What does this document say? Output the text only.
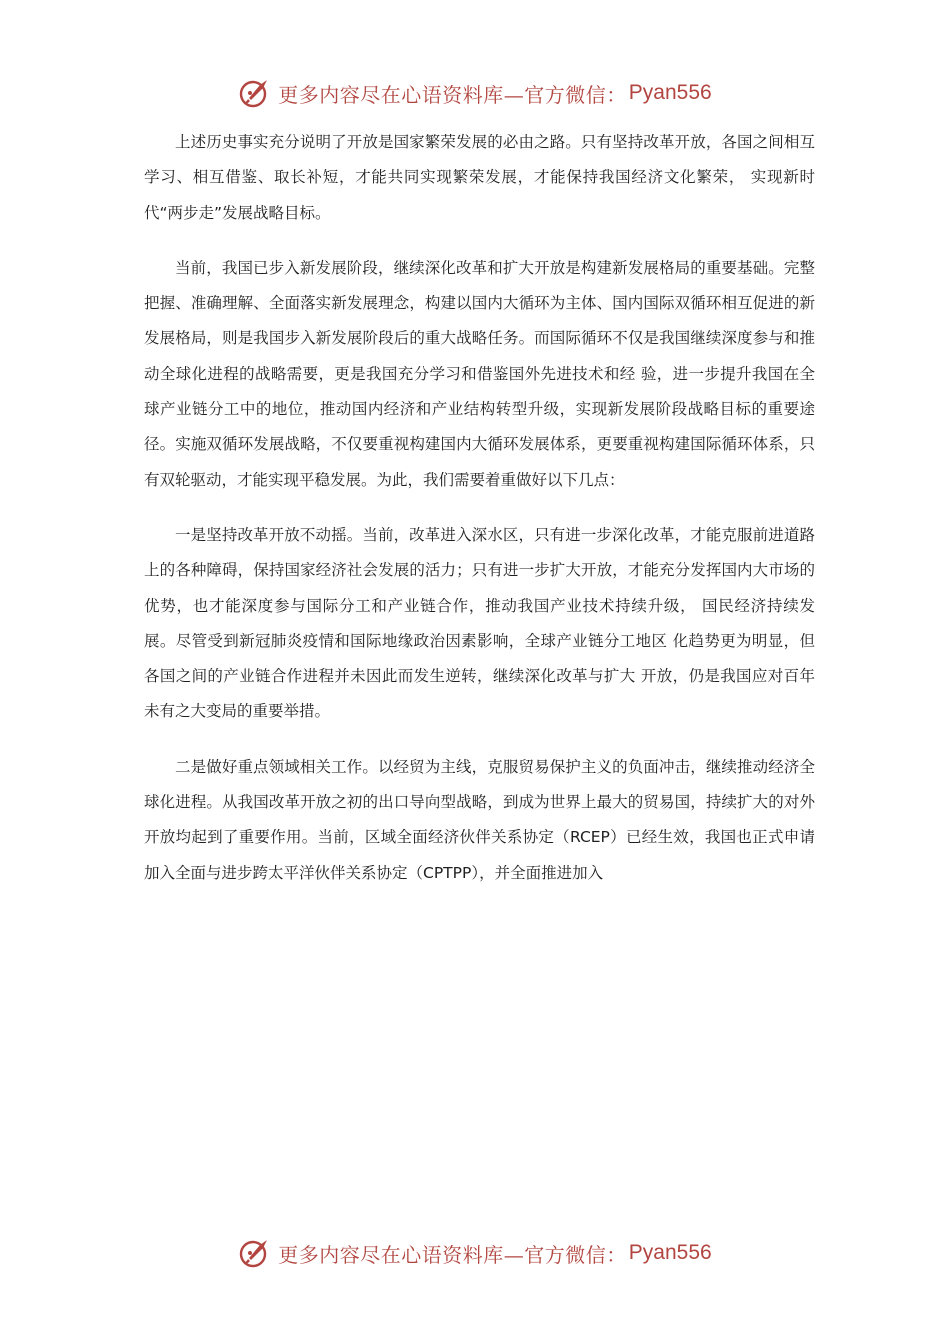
更多内容尽在心语资料库—官方微信： Pyan556

上述历史事实充分说明了开放是国家繁荣发展的必由之路。只有坚持改革开放，各国之间相互学习、相互借鉴、取长补短，才能共同实现繁荣发展，才能保持我国经济文化繁荣， 实现新时代“两步走”发展战略目标。

当前，我国已步入新发展阶段，继续深化改革和扩大开放是构建新发展格局的重要基础。完整把握、准确理解、全面落实新发展理念，构建以国内大循环为主体、国内国际双循环相互促进的新发展格局，则是我国步入新发展阶段后的重大战略任务。而国际循环不仅是我国继续深度参与和推动全球化进程的战略需要，更是我国充分学习和借鉴国外先进技术和经 验，进一步提升我国在全球产业链分工中的地位，推动国内经济和产业结构转型升级，实现新发展阶段战略目标的重要途径。实施双循环发展战略，不仅要重视构建国内大循环发展体系，更要重视构建国际循环体系，只有双轮驱动，才能实现平稳发展。为此，我们需要着重做好以下几点：

一是坚持改革开放不动摇。当前，改革进入深水区，只有进一步深化改革，才能克服前进道路上的各种障碍，保持国家经济社会发展的活力；只有进一步扩大开放，才能充分发挥国内大市场的优势，也才能深度参与国际分工和产业链合作，推动我国产业技术持续升级， 国民经济持续发展。尽管受到新冠肺炎疫情和国际地缘政治因素影响，全球产业链分工地区 化趋势更为明显，但各国之间的产业链合作进程并未因此而发生逆转，继续深化改革与扩大 开放，仍是我国应对百年未有之大变局的重要举措。

二是做好重点领域相关工作。以经贸为主线，克服贸易保护主义的负面冲击，继续推动经济全球化进程。从我国改革开放之初的出口导向型战略，到成为世界上最大的贸易国，持续扩大的对外开放均起到了重要作用。当前，区域全面经济伙伴关系协定（RCEP）已经生效，我国也正式申请加入全面与进步跨太平洋伙伴关系协定（CPTPP），并全面推进加入

更多内容尽在心语资料库—官方微信： Pyan556
